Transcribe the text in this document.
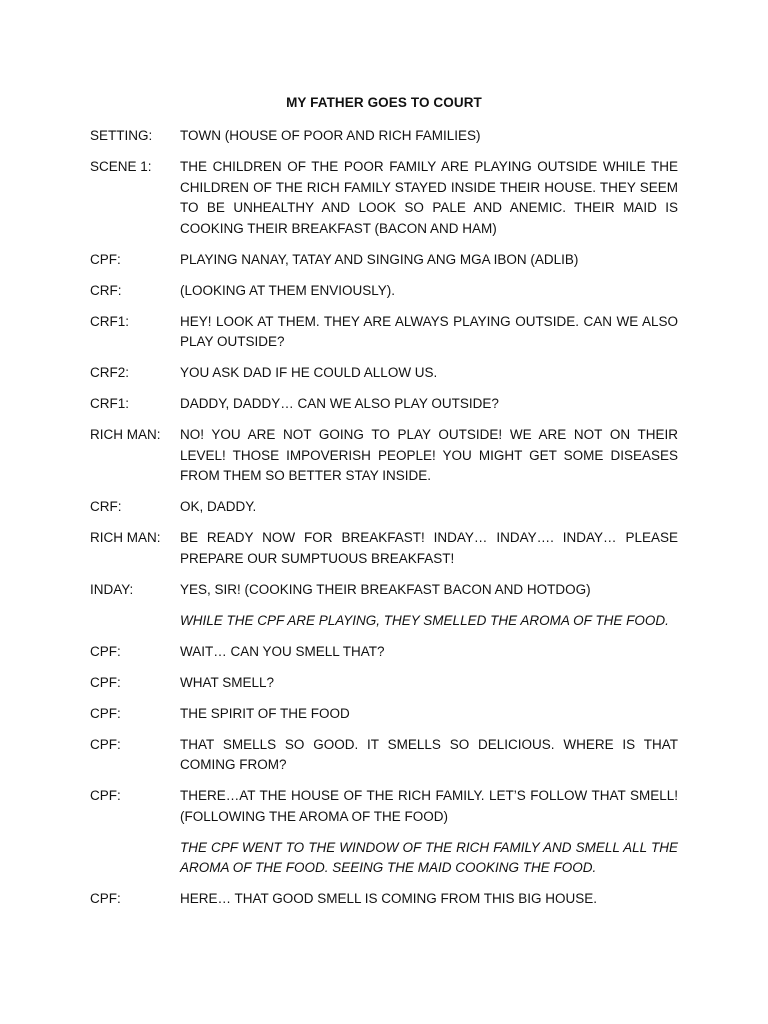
MY FATHER GOES TO COURT
SETTING:	TOWN (HOUSE OF POOR AND RICH FAMILIES)
SCENE 1:	THE CHILDREN OF THE POOR FAMILY ARE PLAYING OUTSIDE WHILE THE CHILDREN OF THE RICH FAMILY STAYED INSIDE THEIR HOUSE. THEY SEEM TO BE UNHEALTHY AND LOOK SO PALE AND ANEMIC. THEIR MAID IS COOKING THEIR BREAKFAST (BACON AND HAM)
CPF:	PLAYING NANAY, TATAY AND SINGING ANG MGA IBON (ADLIB)
CRF:	(LOOKING AT THEM ENVIOUSLY).
CRF1:	HEY! LOOK AT THEM. THEY ARE ALWAYS PLAYING OUTSIDE. CAN WE ALSO PLAY OUTSIDE?
CRF2:	YOU ASK DAD IF HE COULD ALLOW US.
CRF1:	DADDY, DADDY… CAN WE ALSO PLAY OUTSIDE?
RICH MAN:	NO! YOU ARE NOT GOING TO PLAY OUTSIDE! WE ARE NOT ON THEIR LEVEL! THOSE IMPOVERISH PEOPLE! YOU MIGHT GET SOME DISEASES FROM THEM SO BETTER STAY INSIDE.
CRF:	OK, DADDY.
RICH MAN:	BE READY NOW FOR BREAKFAST! INDAY… INDAY…. INDAY… PLEASE PREPARE OUR SUMPTUOUS BREAKFAST!
INDAY:	YES, SIR! (COOKING THEIR BREAKFAST BACON AND HOTDOG)
WHILE THE CPF ARE PLAYING, THEY SMELLED THE AROMA OF THE FOOD.
CPF:	WAIT… CAN YOU SMELL THAT?
CPF:	WHAT SMELL?
CPF:	THE SPIRIT OF THE FOOD
CPF:	THAT SMELLS SO GOOD. IT SMELLS SO DELICIOUS. WHERE IS THAT COMING FROM?
CPF:	THERE…AT THE HOUSE OF THE RICH FAMILY. LET’S FOLLOW THAT SMELL! (FOLLOWING THE AROMA OF THE FOOD)
THE CPF WENT TO THE WINDOW OF THE RICH FAMILY AND SMELL ALL THE AROMA OF THE FOOD. SEEING THE MAID COOKING THE FOOD.
CPF:	HERE… THAT GOOD SMELL IS COMING FROM THIS BIG HOUSE.
